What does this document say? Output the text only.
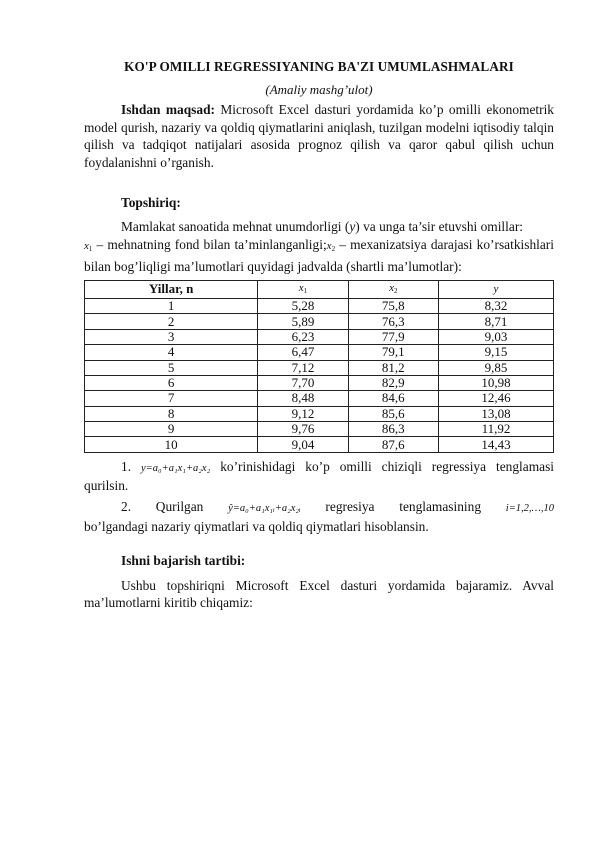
KO'P OMILLI REGRESSIYANING BA'ZI UMUMLASHMALARI

(Amaliy mashg’ulot)

Ishdan maqsad: Microsoft Excel dasturi yordamida ko’p omilli ekonometrik model qurish, nazariy va qoldiq qiymatlarini aniqlash, tuzilgan modelni iqtisodiy talqin qilish va tadqiqot natijalari asosida prognoz qilish va qaror qabul qilish uchun foydalanishni o’rganish.

Topshiriq:

Mamlakat sanoatida mehnat unumdorligi (y) va unga ta’sir etuvshi omillar:

$x_1$ – mehnatning fond bilan $ta’minlanganligi;x_2$ – mexanizatsiya darajasi ko’rsatkishlari bilan bog’liqligi ma’lumotlari quyidagi jadvalda (shartli ma’lumotlar):

Yillar, n	$x_1$	$x_2$	y
1	5,28	75,8	8,32
2	5,89	76,3	8,71
3	6,23	77,9	9,03
4	6,47	79,1	9,15
5	7,12	81,2	9,85
6	7,70	82,9	10,98
7	8,48	84,6	12,46
8	9,12	85,6	13,08
9	9,76	86,3	11,92
10	9,04	87,6	14,43

1. y=a₀+a₁x₁+a₂x₂ ko’rinishidagi ko’p omilli chiziqli regressiya tenglamasi qurilsin.

2. Qurilgan ŷ=a₀+a₁x₁ᵢ+a₂x₂ᵢ regresiya tenglamasining i=1,2,…,10

bo’lgandagi nazariy qiymatlari va qoldiq qiymatlari hisoblansin.

Ishni bajarish tartibi:

Ushbu topshiriqni Microsoft Excel dasturi yordamida bajaramiz. Avval ma’lumotlarni kiritib chiqamiz:
